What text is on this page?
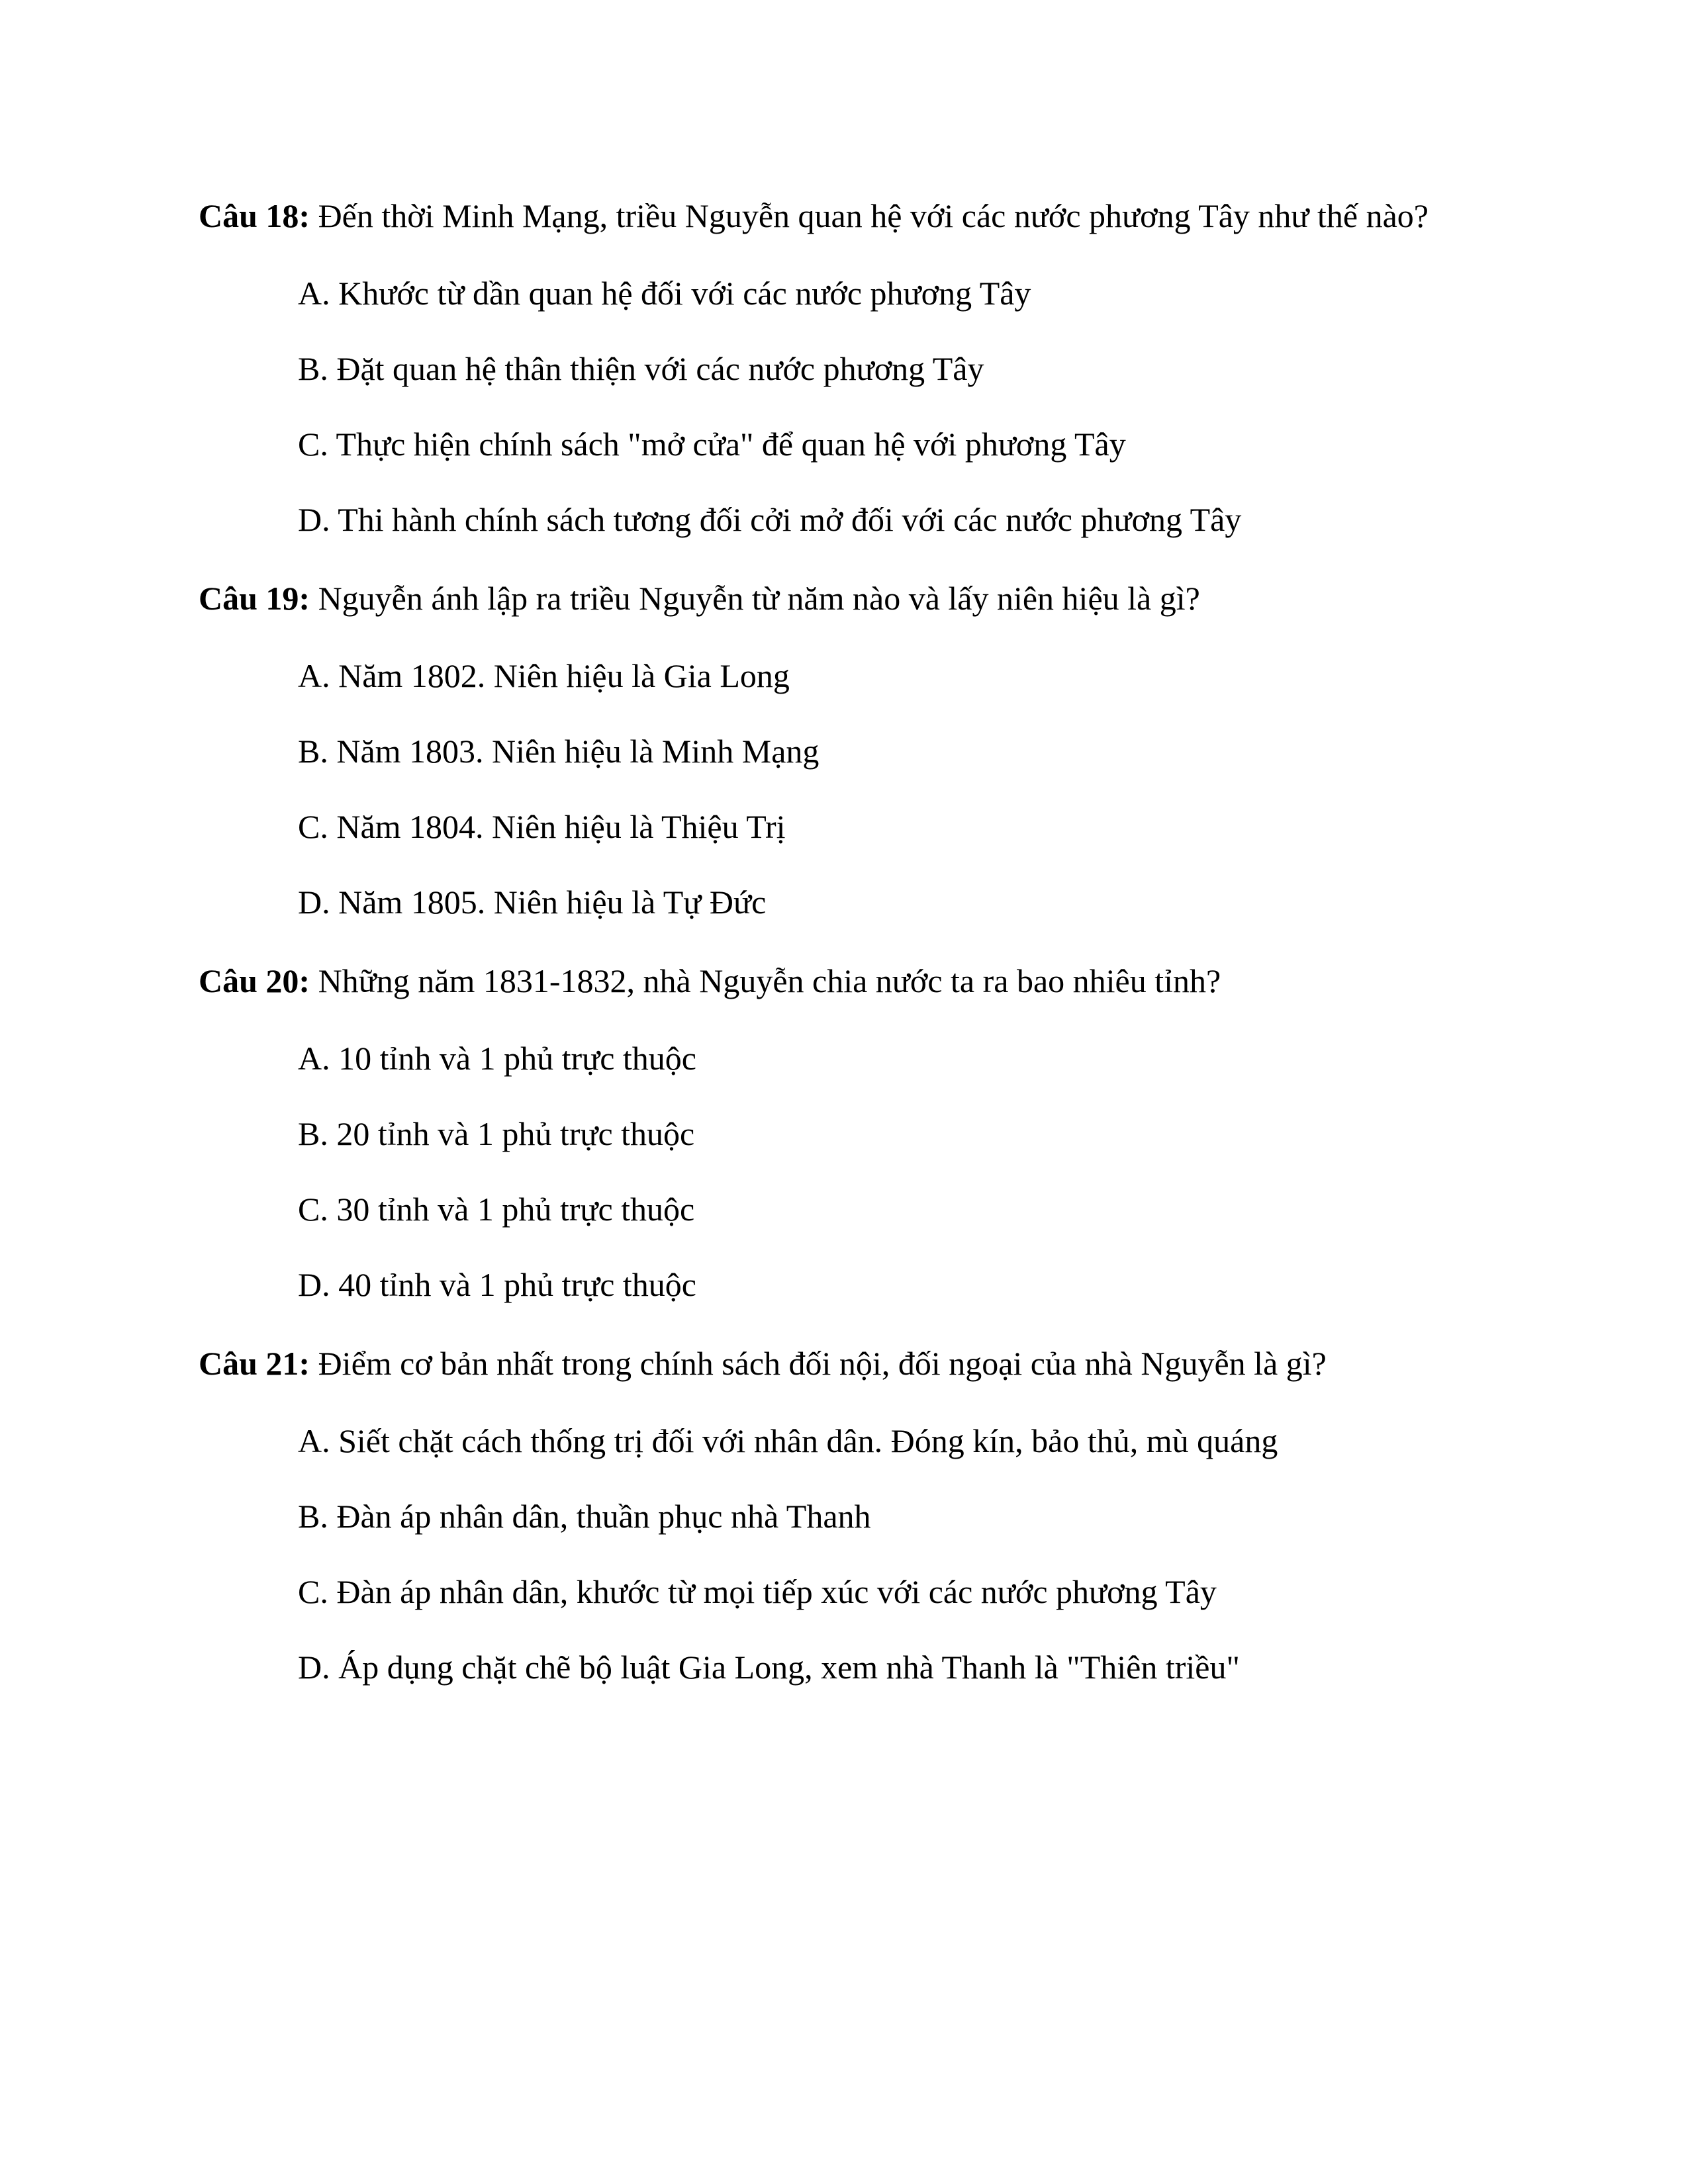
Câu 18: Đến thời Minh Mạng, triều Nguyễn quan hệ với các nước phương Tây như thế nào?

A. Khước từ dần quan hệ đối với các nước phương Tây

B. Đặt quan hệ thân thiện với các nước phương Tây

C. Thực hiện chính sách "mở cửa" để quan hệ với phương Tây

D. Thi hành chính sách tương đối cởi mở đối với các nước phương Tây

Câu 19: Nguyễn ánh lập ra triều Nguyễn từ năm nào và lấy niên hiệu là gì?

A. Năm 1802. Niên hiệu là Gia Long

B. Năm 1803. Niên hiệu là Minh Mạng

C. Năm 1804. Niên hiệu là Thiệu Trị

D. Năm 1805. Niên hiệu là Tự Đức

Câu 20: Những năm 1831-1832, nhà Nguyễn chia nước ta ra bao nhiêu tỉnh?

A. 10 tỉnh và 1 phủ trực thuộc

B. 20 tỉnh và 1 phủ trực thuộc

C. 30 tỉnh và 1 phủ trực thuộc

D. 40 tỉnh và 1 phủ trực thuộc

Câu 21: Điểm cơ bản nhất trong chính sách đối nội, đối ngoại của nhà Nguyễn là gì?

A. Siết chặt cách thống trị đối với nhân dân. Đóng kín, bảo thủ, mù quáng

B. Đàn áp nhân dân, thuần phục nhà Thanh

C. Đàn áp nhân dân, khước từ mọi tiếp xúc với các nước phương Tây

D. Áp dụng chặt chẽ bộ luật Gia Long, xem nhà Thanh là "Thiên triều"
